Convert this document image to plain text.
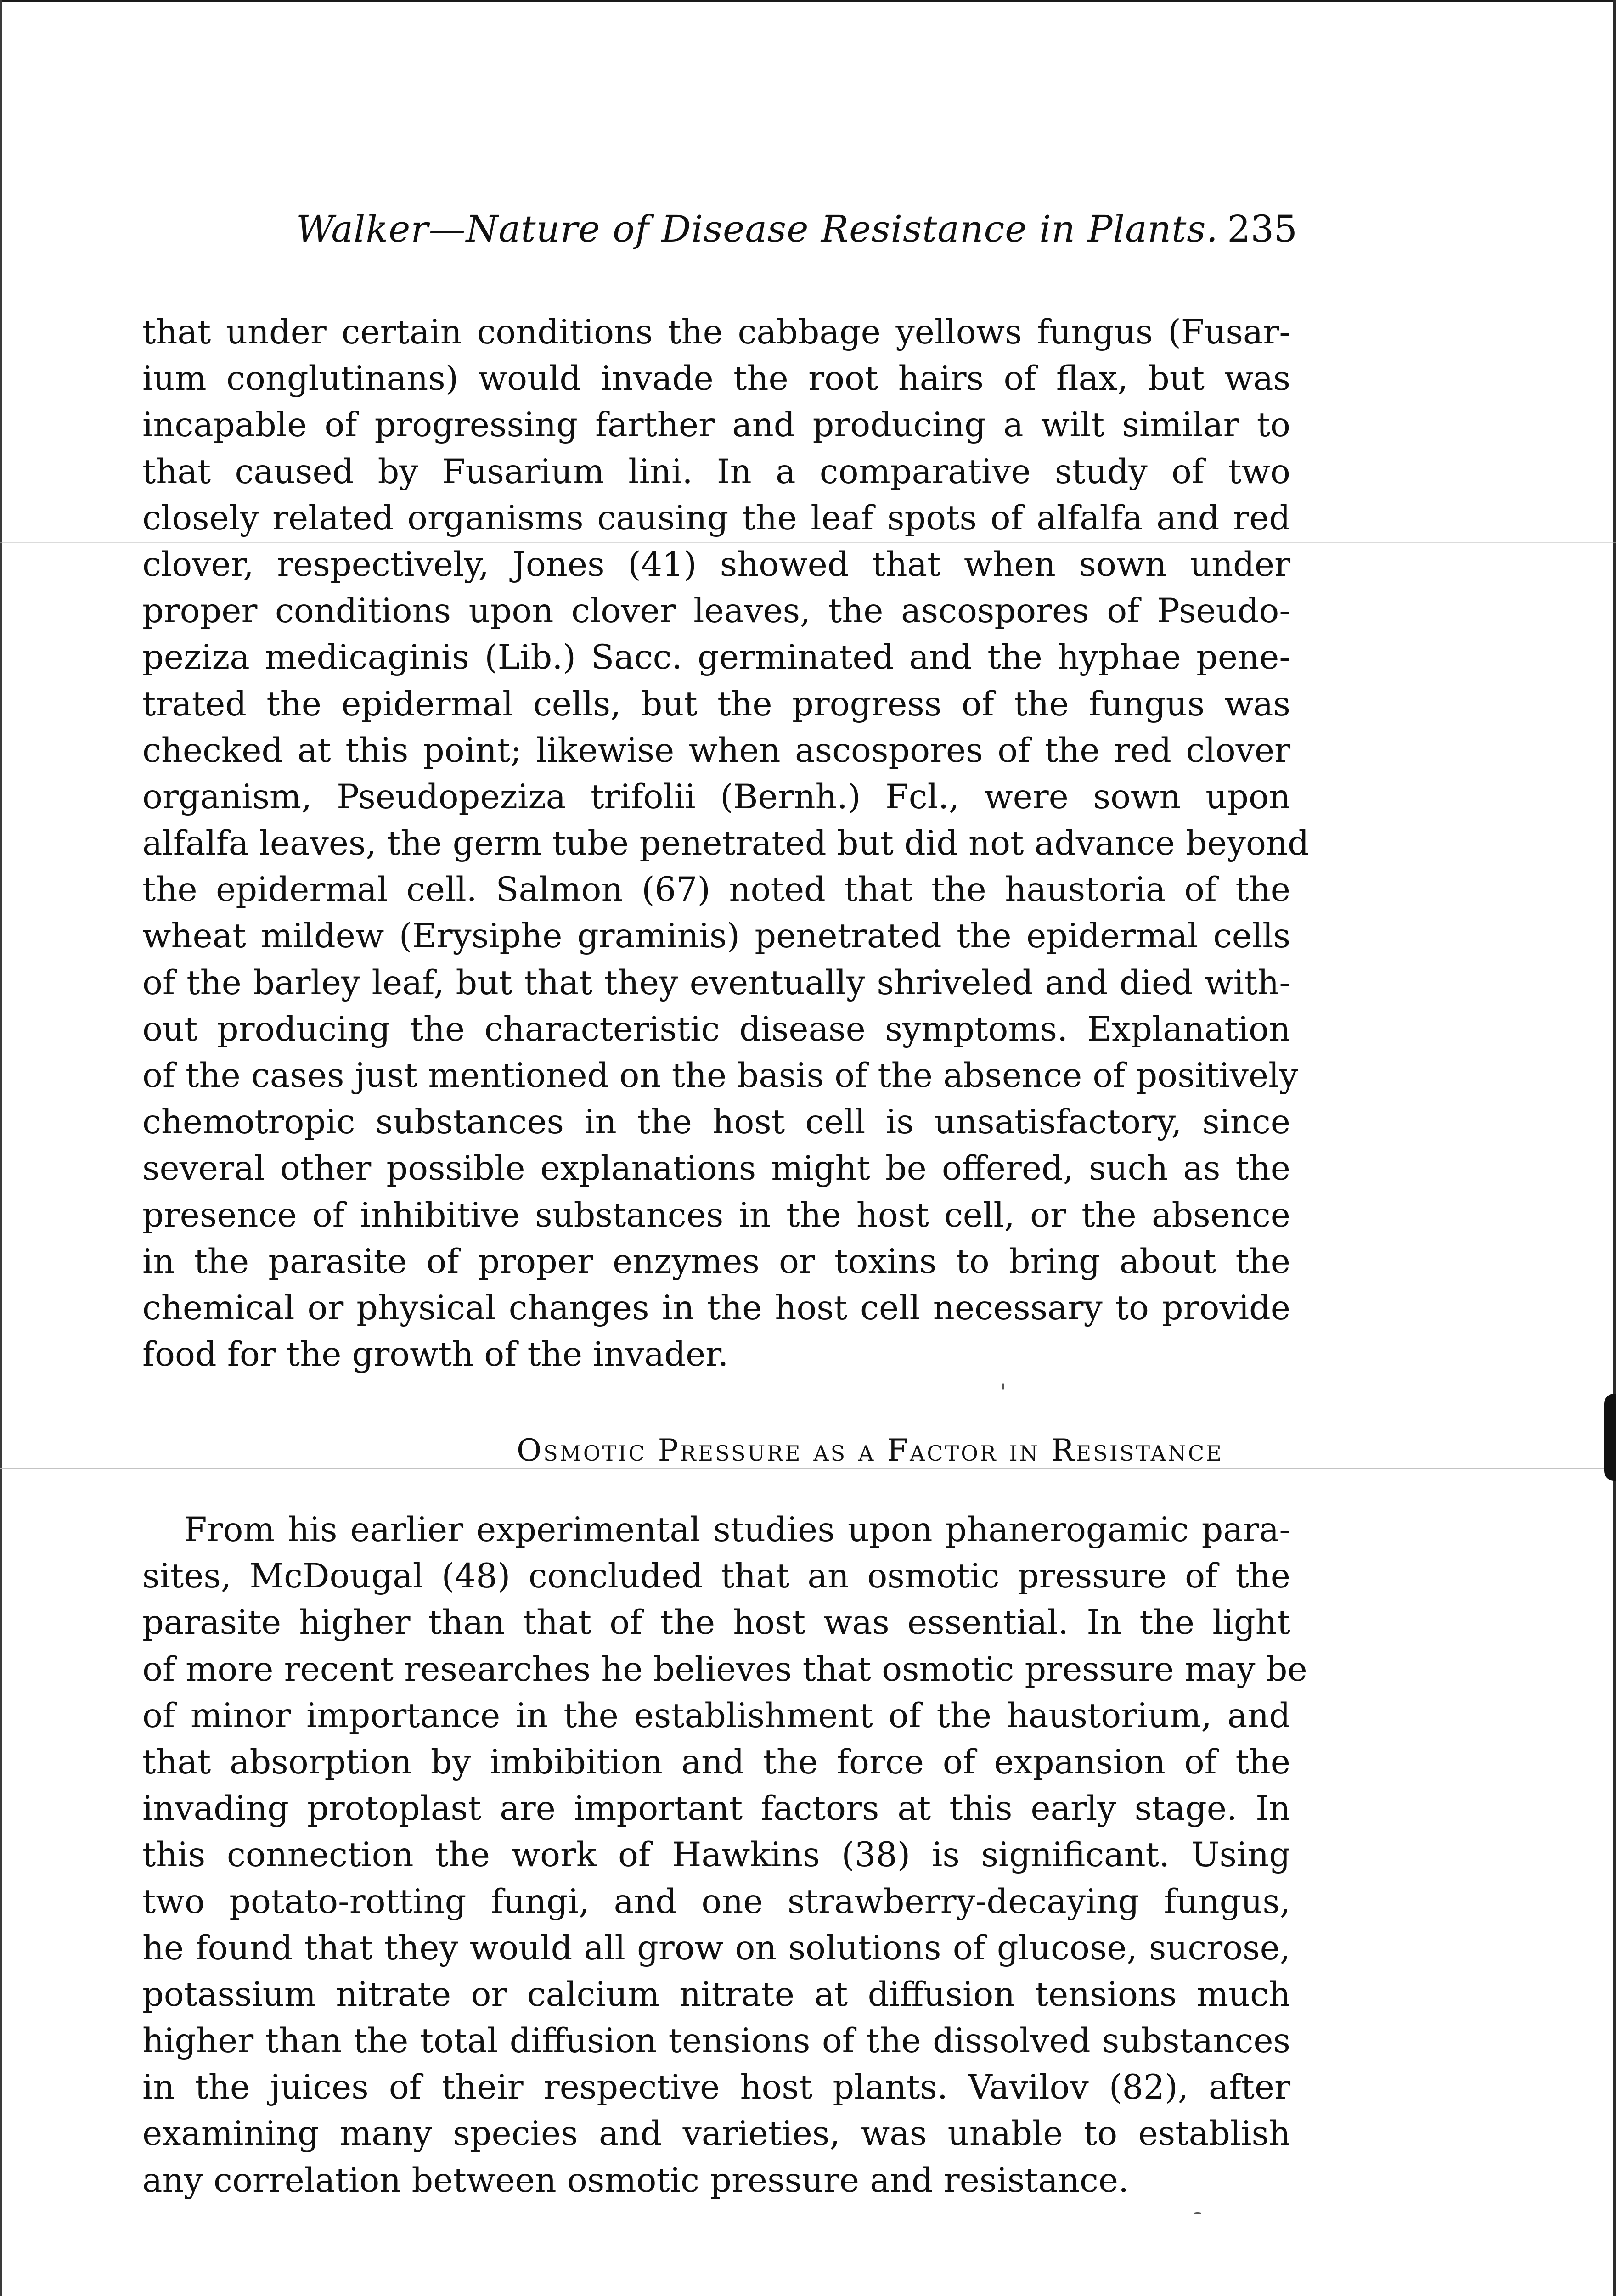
Walker—Nature of Disease Resistance in Plants. 235
that under certain conditions the cabbage yellows fungus (Fusar-
ium conglutinans) would invade the root hairs of flax, but was
incapable of progressing farther and producing a wilt similar to
that caused by Fusarium lini. In a comparative study of two
closely related organisms causing the leaf spots of alfalfa and red
clover, respectively, Jones (41) showed that when sown under
proper conditions upon clover leaves, the ascospores of Pseudo-
peziza medicaginis (Lib.) Sacc. germinated and the hyphae pene-
trated the epidermal cells, but the progress of the fungus was
checked at this point; likewise when ascospores of the red clover
organism, Pseudopeziza trifolii (Bernh.) Fcl., were sown upon
alfalfa leaves, the germ tube penetrated but did not advance beyond
the epidermal cell. Salmon (67) noted that the haustoria of the
wheat mildew (Erysiphe graminis) penetrated the epidermal cells
of the barley leaf, but that they eventually shriveled and died with-
out producing the characteristic disease symptoms. Explanation
of the cases just mentioned on the basis of the absence of positively
chemotropic substances in the host cell is unsatisfactory, since
several other possible explanations might be offered, such as the
presence of inhibitive substances in the host cell, or the absence
in the parasite of proper enzymes or toxins to bring about the
chemical or physical changes in the host cell necessary to provide
food for the growth of the invader.
Osmotic Pressure as a Factor in Resistance
From his earlier experimental studies upon phanerogamic para-
sites, McDougal (48) concluded that an osmotic pressure of the
parasite higher than that of the host was essential. In the light
of more recent researches he believes that osmotic pressure may be
of minor importance in the establishment of the haustorium, and
that absorption by imbibition and the force of expansion of the
invading protoplast are important factors at this early stage. In
this connection the work of Hawkins (38) is significant. Using
two potato-rotting fungi, and one strawberry-decaying fungus,
he found that they would all grow on solutions of glucose, sucrose,
potassium nitrate or calcium nitrate at diffusion tensions much
higher than the total diffusion tensions of the dissolved substances
in the juices of their respective host plants. Vavilov (82), after
examining many species and varieties, was unable to establish
any correlation between osmotic pressure and resistance.
